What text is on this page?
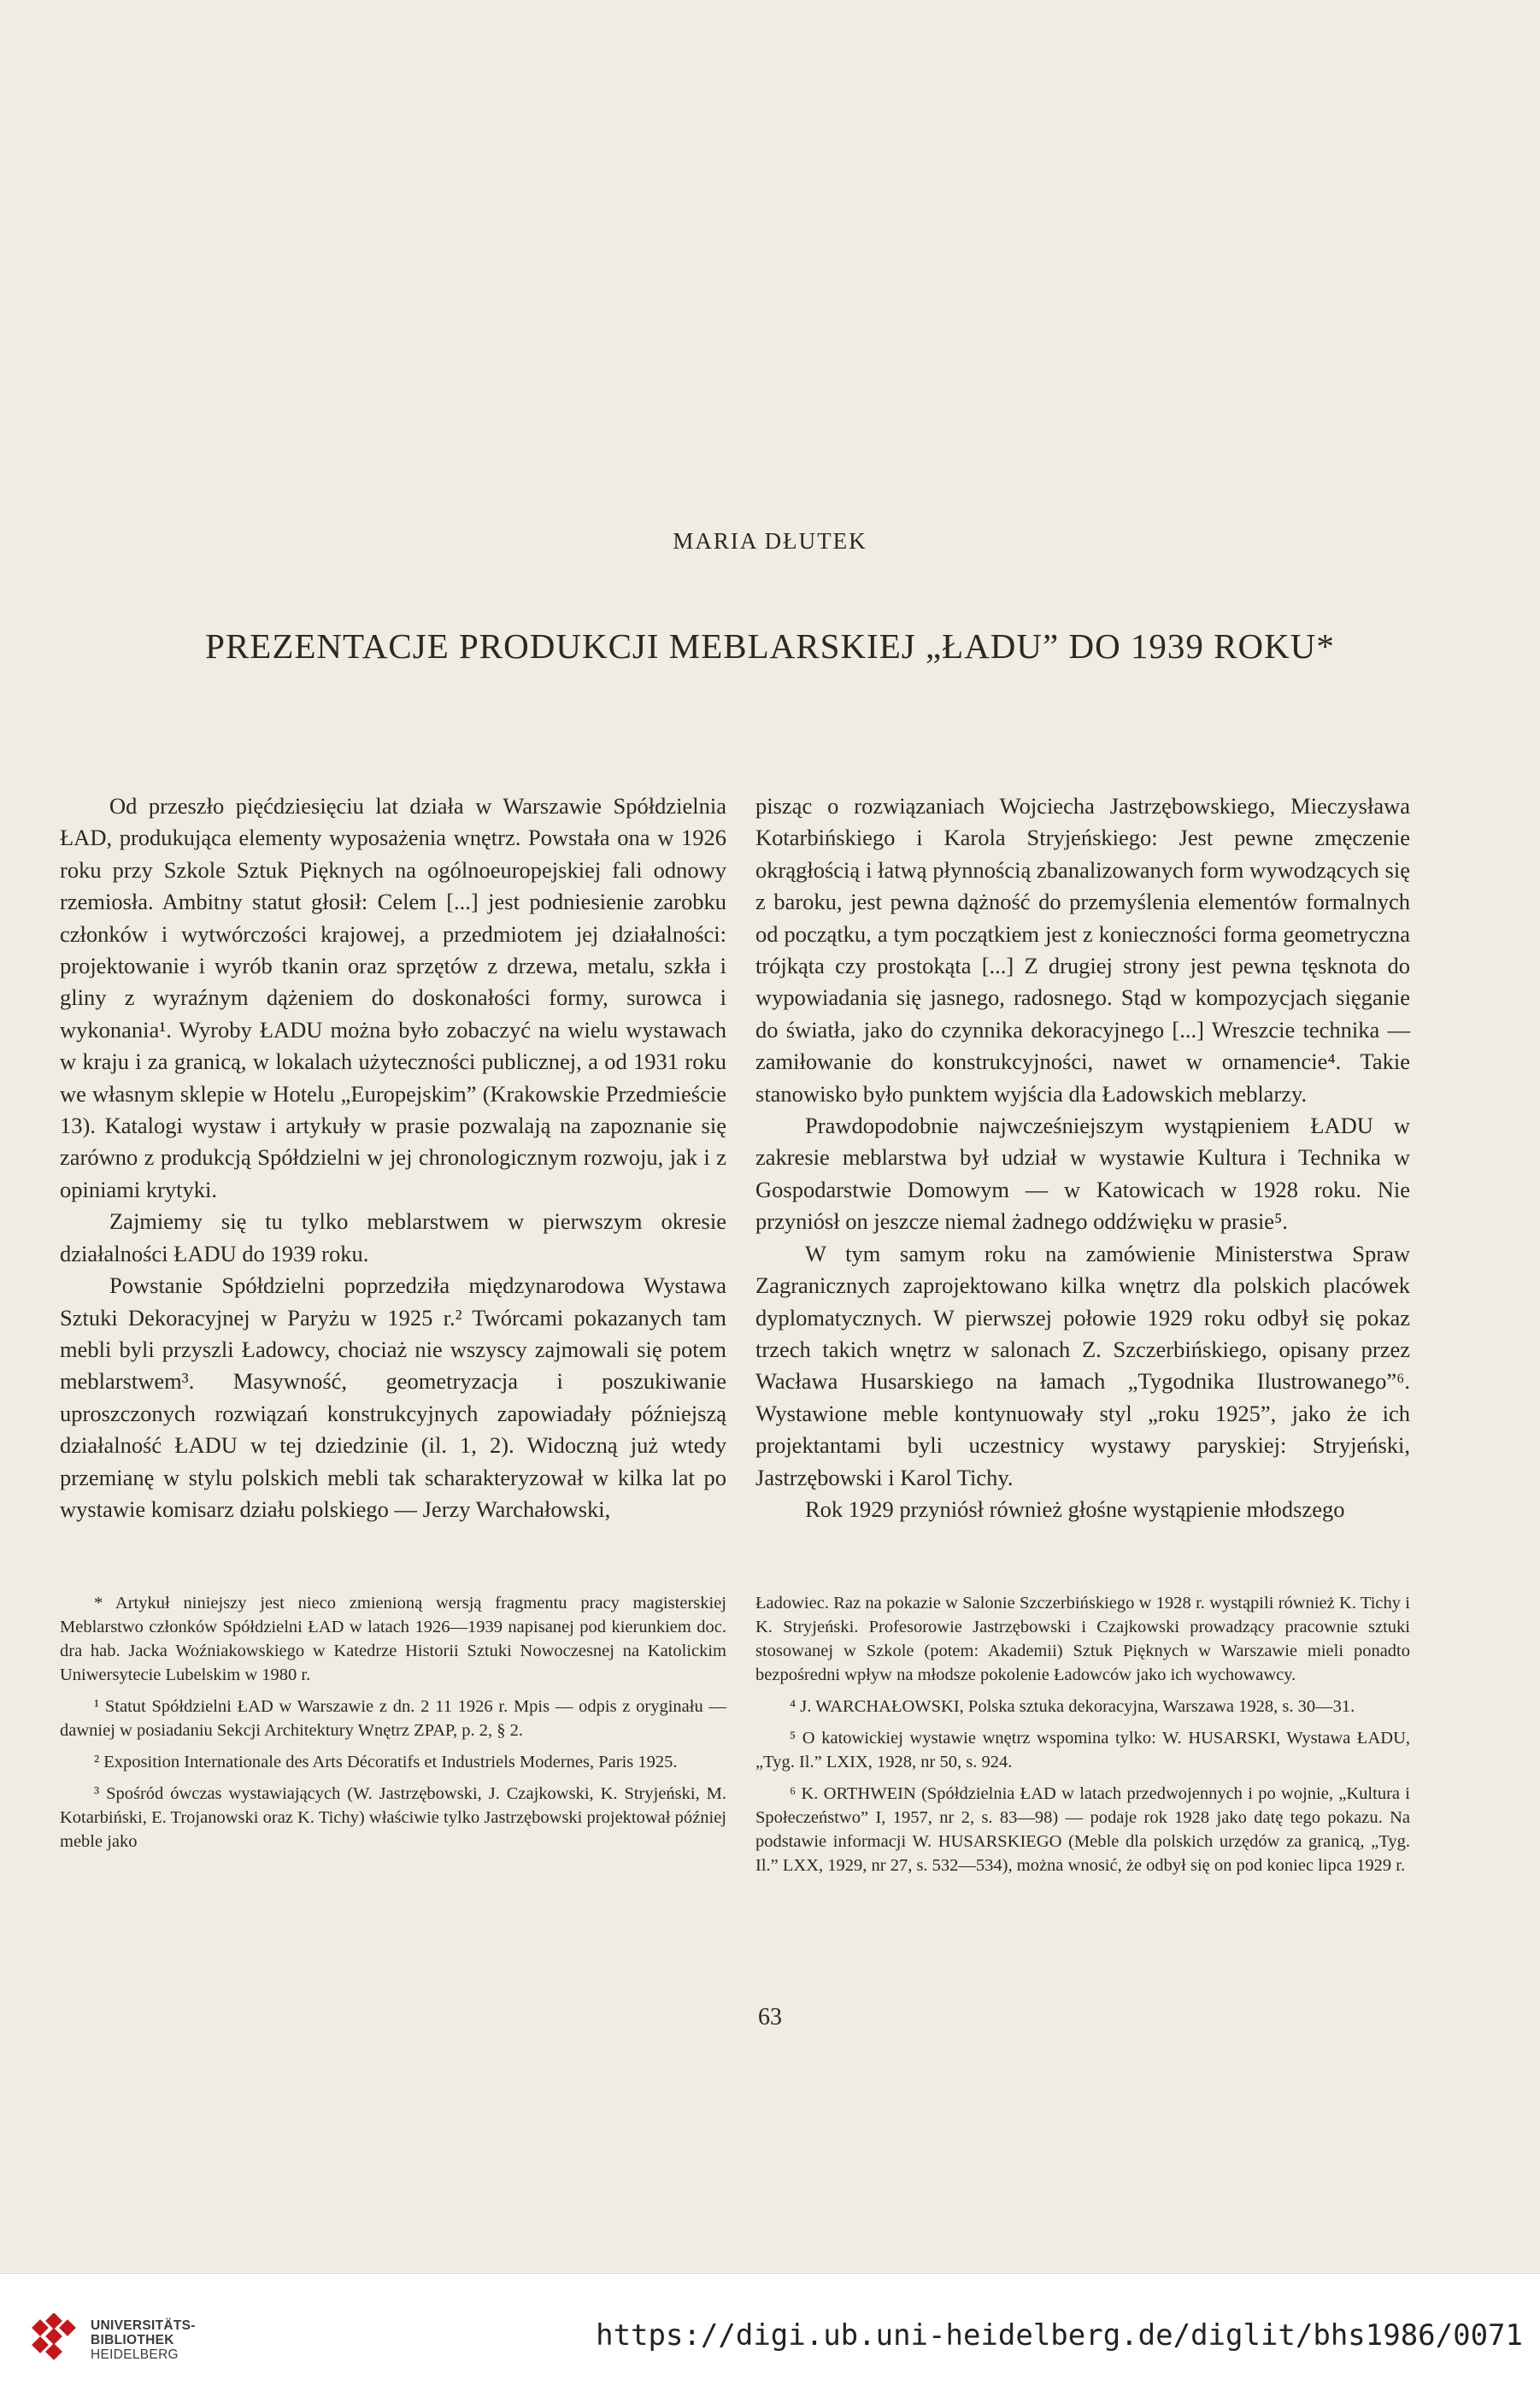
MARIA DŁUTEK
PREZENTACJE PRODUKCJI MEBLARSKIEJ „ŁADU” DO 1939 ROKU*

Od przeszło pięćdziesięciu lat działa w Warszawie Spółdzielnia ŁAD, produkująca elementy wyposażenia wnętrz. Powstała ona w 1926 roku przy Szkole Sztuk Pięknych na ogólnoeuropejskiej fali odnowy rzemiosła. Ambitny statut głosił: Celem [...] jest podniesienie zarobku członków i wytwórczości krajowej, a przedmiotem jej działalności: projektowanie i wyrób tkanin oraz sprzętów z drzewa, metalu, szkła i gliny z wyraźnym dążeniem do doskonałości formy, surowca i wykonania¹. Wyroby ŁADU można było zobaczyć na wielu wystawach w kraju i za granicą, w lokalach użyteczności publicznej, a od 1931 roku we własnym sklepie w Hotelu „Europejskim” (Krakowskie Przedmieście 13). Katalogi wystaw i artykuły w prasie pozwalają na zapoznanie się zarówno z produkcją Spółdzielni w jej chronologicznym rozwoju, jak i z opiniami krytyki.

Zajmiemy się tu tylko meblarstwem w pierwszym okresie działalności ŁADU do 1939 roku.

Powstanie Spółdzielni poprzedziła międzynarodowa Wystawa Sztuki Dekoracyjnej w Paryżu w 1925 r.² Twórcami pokazanych tam mebli byli przyszli Ładowcy, chociaż nie wszyscy zajmowali się potem meblarstwem³. Masywność, geometryzacja i poszukiwanie uproszczonych rozwiązań konstrukcyjnych zapowiadały późniejszą działalność ŁADU w tej dziedzinie (il. 1, 2). Widoczną już wtedy przemianę w stylu polskich mebli tak scharakteryzował w kilka lat po wystawie komisarz działu polskiego — Jerzy Warchałowski,

pisząc o rozwiązaniach Wojciecha Jastrzębowskiego, Mieczysława Kotarbińskiego i Karola Stryjeńskiego: Jest pewne zmęczenie okrągłością i łatwą płynnością zbanalizowanych form wywodzących się z baroku, jest pewna dążność do przemyślenia elementów formalnych od początku, a tym początkiem jest z konieczności forma geometryczna trójkąta czy prostokąta [...] Z drugiej strony jest pewna tęsknota do wypowiadania się jasnego, radosnego. Stąd w kompozycjach sięganie do światła, jako do czynnika dekoracyjnego [...] Wreszcie technika — zamiłowanie do konstrukcyjności, nawet w ornamencie⁴. Takie stanowisko było punktem wyjścia dla Ładowskich meblarzy.

Prawdopodobnie najwcześniejszym wystąpieniem ŁADU w zakresie meblarstwa był udział w wystawie Kultura i Technika w Gospodarstwie Domowym — w Katowicach w 1928 roku. Nie przyniósł on jeszcze niemal żadnego oddźwięku w prasie⁵.

W tym samym roku na zamówienie Ministerstwa Spraw Zagranicznych zaprojektowano kilka wnętrz dla polskich placówek dyplomatycznych. W pierwszej połowie 1929 roku odbył się pokaz trzech takich wnętrz w salonach Z. Szczerbińskiego, opisany przez Wacława Husarskiego na łamach „Tygodnika Ilustrowanego”⁶. Wystawione meble kontynuowały styl „roku 1925”, jako że ich projektantami byli uczestnicy wystawy paryskiej: Stryjeński, Jastrzębowski i Karol Tichy.

Rok 1929 przyniósł również głośne wystąpienie młodszego

* Artykuł niniejszy jest nieco zmienioną wersją fragmentu pracy magisterskiej Meblarstwo członków Spółdzielni ŁAD w latach 1926—1939 napisanej pod kierunkiem doc. dra hab. Jacka Woźniakowskiego w Katedrze Historii Sztuki Nowoczesnej na Katolickim Uniwersytecie Lubelskim w 1980 r.

¹ Statut Spółdzielni ŁAD w Warszawie z dn. 2 11 1926 r. Mpis — odpis z oryginału — dawniej w posiadaniu Sekcji Architektury Wnętrz ZPAP, p. 2, § 2.

² Exposition Internationale des Arts Décoratifs et Industriels Modernes, Paris 1925.

³ Spośród ówczas wystawiających (W. Jastrzębowski, J. Czajkowski, K. Stryjeński, M. Kotarbiński, E. Trojanowski oraz K. Tichy) właściwie tylko Jastrzębowski projektował później meble jako

Ładowiec. Raz na pokazie w Salonie Szczerbińskiego w 1928 r. wystąpili również K. Tichy i K. Stryjeński. Profesorowie Jastrzębowski i Czajkowski prowadzący pracownie sztuki stosowanej w Szkole (potem: Akademii) Sztuk Pięknych w Warszawie mieli ponadto bezpośredni wpływ na młodsze pokolenie Ładowców jako ich wychowawcy.

⁴ J. WARCHAŁOWSKI, Polska sztuka dekoracyjna, Warszawa 1928, s. 30—31.

⁵ O katowickiej wystawie wnętrz wspomina tylko: W. HUSARSKI, Wystawa ŁADU, „Tyg. Il.” LXIX, 1928, nr 50, s. 924.

⁶ K. ORTHWEIN (Spółdzielnia ŁAD w latach przedwojennych i po wojnie, „Kultura i Społeczeństwo” I, 1957, nr 2, s. 83—98) — podaje rok 1928 jako datę tego pokazu. Na podstawie informacji W. HUSARSKIEGO (Meble dla polskich urzędów za granicą, „Tyg. Il.” LXX, 1929, nr 27, s. 532—534), można wnosić, że odbył się on pod koniec lipca 1929 r.

63
UNIVERSITÄTS-
BIBLIOTHEK
HEIDELBERG
https://digi.ub.uni-heidelberg.de/diglit/bhs1986/0071
